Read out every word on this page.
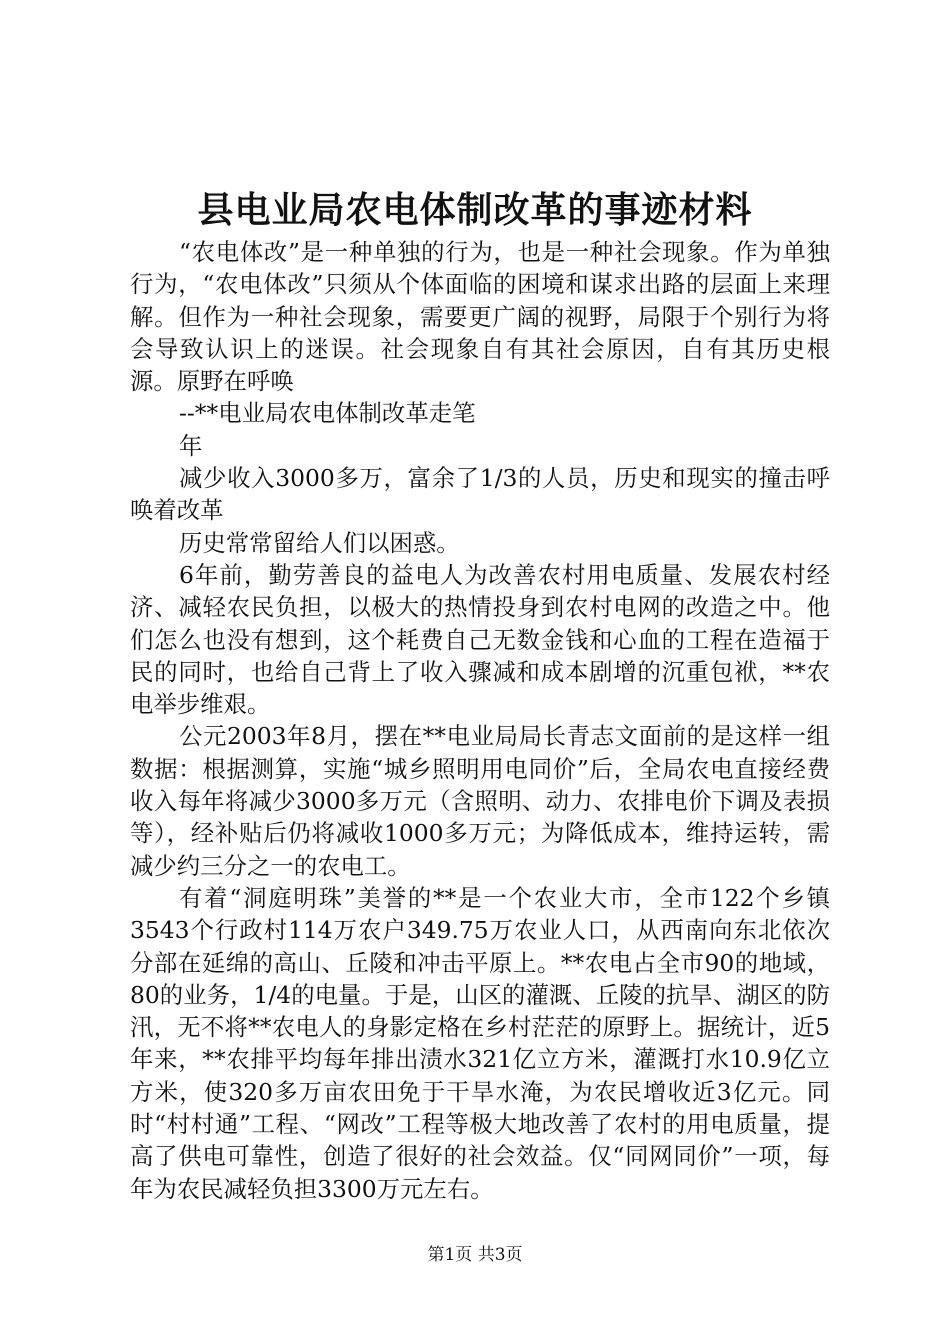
县电业局农电体制改革的事迹材料

“农电体改”是一种单独的行为，也是一种社会现象。作为单独行为，“农电体改”只须从个体面临的困境和谋求出路的层面上来理解。但作为一种社会现象，需要更广阔的视野，局限于个别行为将会导致认识上的迷误。社会现象自有其社会原因，自有其历史根源。原野在呼唤

--**电业局农电体制改革走笔

年

减少收入3000多万，富余了1/3的人员，历史和现实的撞击呼唤着改革

历史常常留给人们以困惑。

6年前，勤劳善良的益电人为改善农村用电质量、发展农村经济、减轻农民负担，以极大的热情投身到农村电网的改造之中。他们怎么也没有想到，这个耗费自己无数金钱和心血的工程在造福于民的同时，也给自己背上了收入骤减和成本剧增的沉重包袱，**农电举步维艰。

公元2003年8月，摆在**电业局局长青志文面前的是这样一组数据：根据测算，实施“城乡照明用电同价”后，全局农电直接经费收入每年将减少3000多万元（含照明、动力、农排电价下调及表损等），经补贴后仍将减收1000多万元；为降低成本，维持运转，需减少约三分之一的农电工。

有着“洞庭明珠”美誉的**是一个农业大市，全市122个乡镇3543个行政村114万农户349.75万农业人口，从西南向东北依次分部在延绵的高山、丘陵和冲击平原上。**农电占全市90的地域，80的业务，1/4的电量。于是，山区的灌溉、丘陵的抗旱、湖区的防汛，无不将**农电人的身影定格在乡村茫茫的原野上。据统计，近5年来，**农排平均每年排出渍水321亿立方米，灌溉打水10.9亿立方米，使320多万亩农田免于干旱水淹，为农民增收近3亿元。同时“村村通”工程、“网改”工程等极大地改善了农村的用电质量，提高了供电可靠性，创造了很好的社会效益。仅“同网同价”一项，每年为农民减轻负担3300万元左右。

第1页 共3页
